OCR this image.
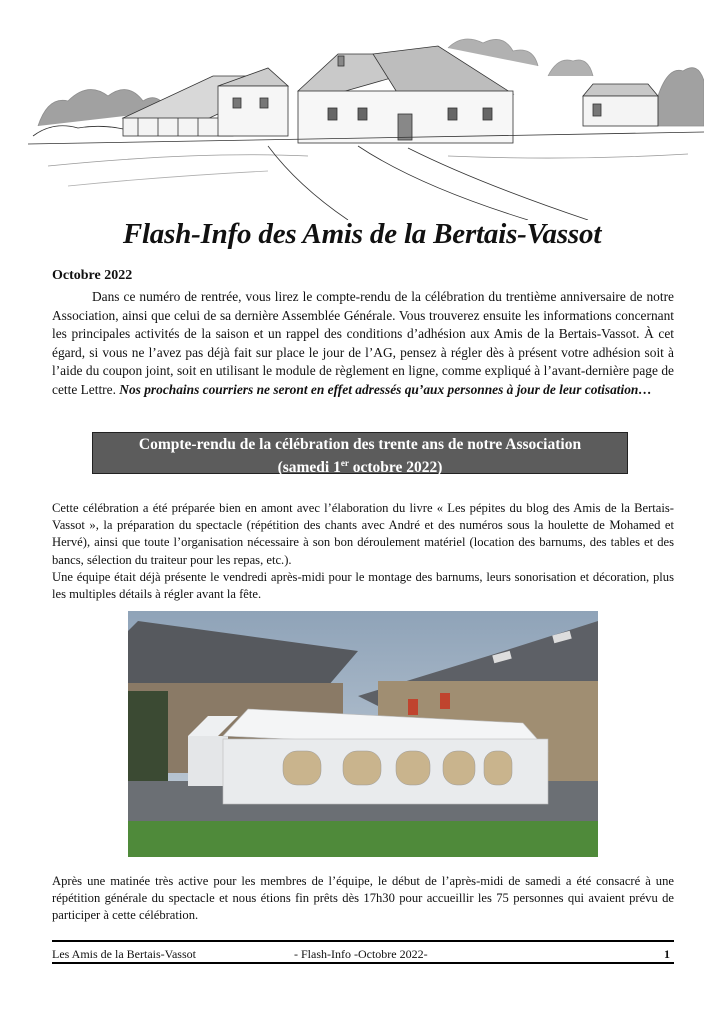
Flash-Info des Amis de la Bertais-Vassot
Octobre 2022

Dans ce numéro de rentrée, vous lirez le compte-rendu de la célébration du trentième anniversaire de notre Association, ainsi que celui de sa dernière Assemblée Générale. Vous trouverez ensuite les informations concernant les principales activités de la saison et un rappel des conditions d’adhésion aux Amis de la Bertais-Vassot. À cet égard, si vous ne l’avez pas déjà fait sur place le jour de l’AG, pensez à régler dès à présent votre adhésion soit à l’aide du coupon joint, soit en utilisant le module de règlement en ligne, comme expliqué à l’avant-dernière page de cette Lettre. Nos prochains courriers ne seront en effet adressés qu’aux personnes à jour de leur cotisation…

Compte-rendu de la célébration des trente ans de notre Association
(samedi 1er octobre 2022)

Cette célébration a été préparée bien en amont avec l’élaboration du livre « Les pépites du blog des Amis de la Bertais-Vassot », la préparation du spectacle (répétition des chants avec André et des numéros sous la houlette de Mohamed et Hervé), ainsi que toute l’organisation nécessaire à son bon déroulement matériel (location des barnums, des tables et des bancs, sélection du traiteur pour les repas, etc.).

Une équipe était déjà présente le vendredi après-midi pour le montage des barnums, leurs sonorisation et décoration, plus les multiples détails à régler avant la fête.

Après une matinée très active pour les membres de l’équipe, le début de l’après-midi de samedi a été consacré à une répétition générale du spectacle et nous étions fin prêts dès 17h30 pour accueillir les 75 personnes qui avaient prévu de participer à cette célébration.

Les Amis de la Bertais-Vassot	- Flash-Info -Octobre 2022-	1
